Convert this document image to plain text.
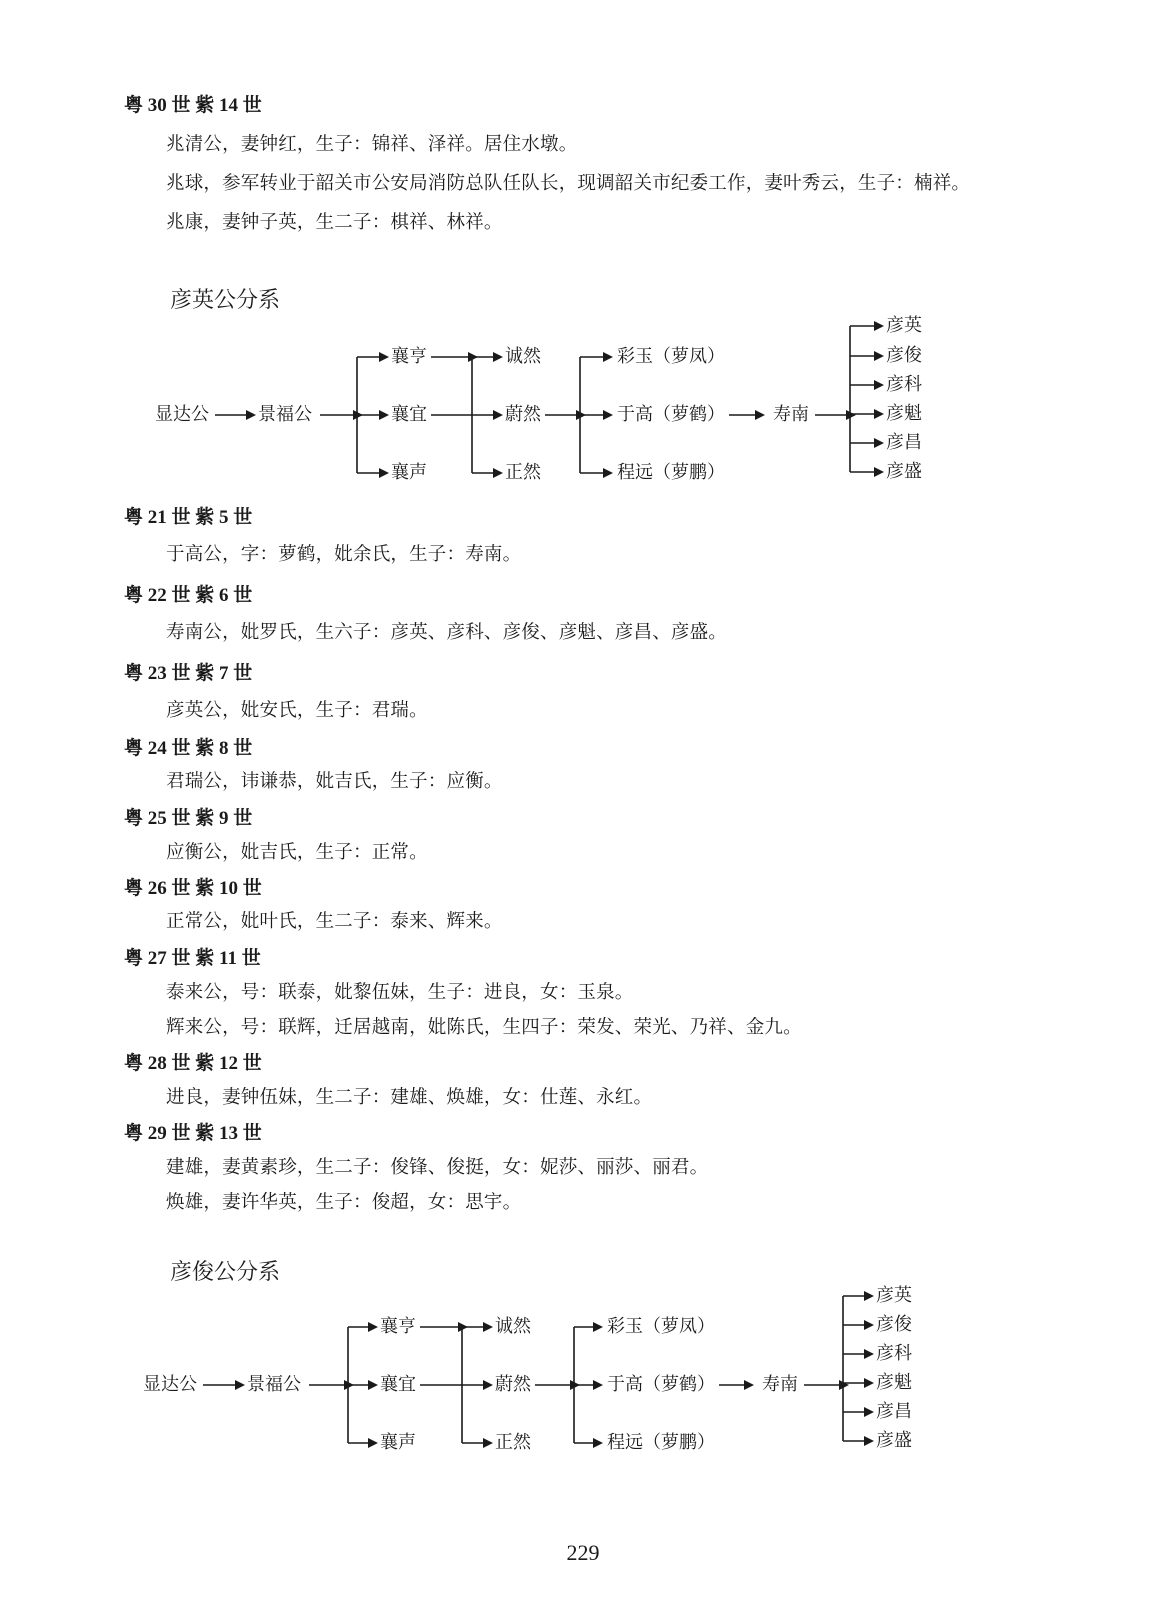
粤 30 世 紫 14 世
兆清公，妻钟红，生子：锦祥、泽祥。居住水墩。
兆球，参军转业于韶关市公安局消防总队任队长，现调韶关市纪委工作，妻叶秀云，生子：楠祥。
兆康，妻钟子英，生二子：棋祥、林祥。
彦英公分系
显达公	景福公
襄亨
襄宜
襄声
诚然
蔚然
正然
彩玉（萝凤）
于高（萝鹤）
程远（萝鹏）
寿南
彦英
彦俊
彦科
彦魁
彦昌
彦盛
粤 21 世 紫 5 世
于高公，字：萝鹤，妣余氏，生子：寿南。
粤 22 世 紫 6 世
寿南公，妣罗氏，生六子：彦英、彦科、彦俊、彦魁、彦昌、彦盛。
粤 23 世 紫 7 世
彦英公，妣安氏，生子：君瑞。
粤 24 世 紫 8 世
君瑞公，讳谦恭，妣吉氏，生子：应衡。
粤 25 世 紫 9 世
应衡公，妣吉氏，生子：正常。
粤 26 世 紫 10 世
正常公，妣叶氏，生二子：泰来、辉来。
粤 27 世 紫 11 世
泰来公，号：联泰，妣黎伍妹，生子：进良，女：玉泉。
辉来公，号：联辉，迁居越南，妣陈氏，生四子：荣发、荣光、乃祥、金九。
粤 28 世 紫 12 世
进良，妻钟伍妹，生二子：建雄、焕雄，女：仕莲、永红。
粤 29 世 紫 13 世
建雄，妻黄素珍，生二子：俊锋、俊挺，女：妮莎、丽莎、丽君。
焕雄，妻许华英，生子：俊超，女：思宇。
彦俊公分系
显达公	景福公
襄亨
襄宜
襄声
诚然
蔚然
正然
彩玉（萝凤）
于高（萝鹤）
程远（萝鹏）
寿南
彦英
彦俊
彦科
彦魁
彦昌
彦盛
229
